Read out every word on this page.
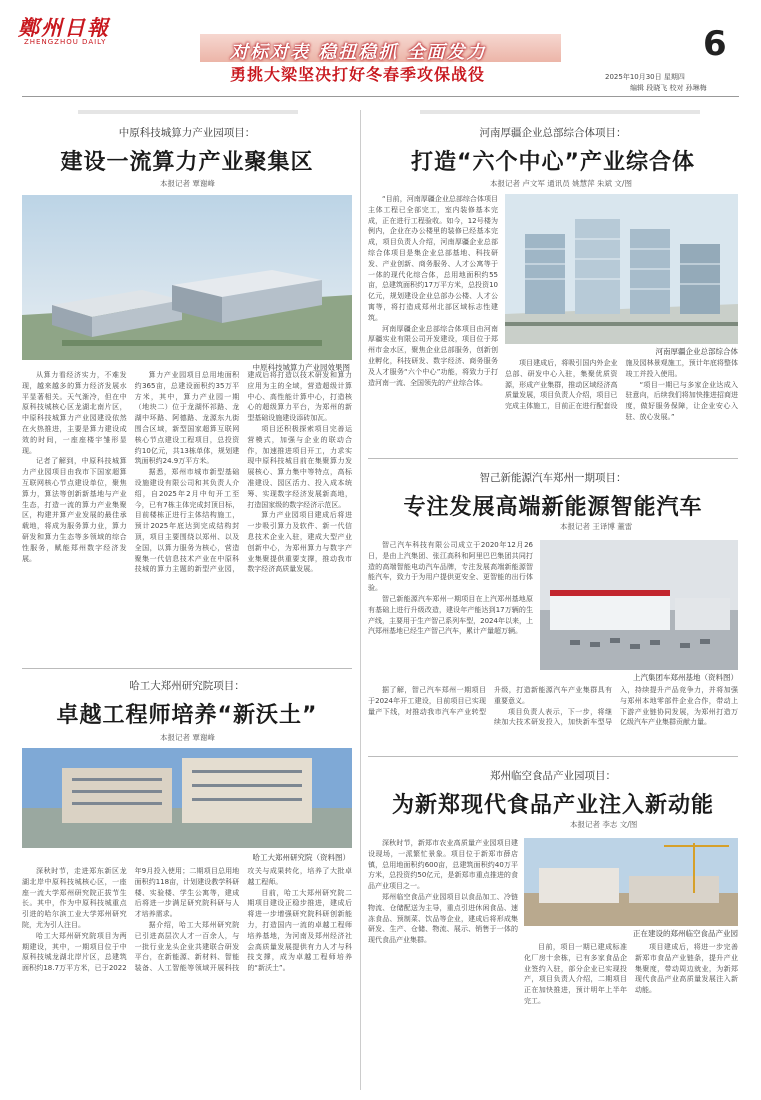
鄭州日報
ZHENGZHOU DAILY	对标对表 稳扭稳抓 全面发力
勇挑大梁坚决打好冬春季攻保战役
6
2025年10月30日 星期四
编辑 段晓飞 校对 孙琳梅
中原科技城算力产业园项目：
建设一流算力产业聚集区
本报记者 覃谢峰
中原科技城算力产业园效果图

从算力看经济实力，不难发现，越来越多的算力经济发展水平显著相关。天气渐冷，但在中原科技城核心区龙湖北南片区，中原科技城算力产业园建设依然在火热推进，主要是算力建设成效的时间，一座座楼宇雏形显现。

记者了解到，中原科技城算力产业园项目由我市下国家超算互联网核心节点建设单位，聚焦算力，算法等创新新基地与产业生态，打造一流的算力产业集聚区，构建并算产业发展的最佳承载地，将成为服务算力业，算力研发和算力生态等多领域的综合性服务，赋能郑州数字经济发展。

算力产业园项目总用地面积约365亩，总建设面积约35万平方米，其中，算力产业园一期（地块二）位于龙湖怀祁路、龙湖中环路、阿德路、龙源东九街围合区域，新型国家超算互联网核心节点建设工程项目，总投资约10亿元，共13栋单体，规划建筑面积约24.9万平方米。

据悉，郑州市城市新型基础设施建设有限公司和其负责人介绍，自2025年2月中旬开工至今，已有7栋主体完成封顶目标，目前楼栋正进行主体结构施工，预计2025年底达到完成结构封顶，项目主要围绕以郑州、以及全国，以算力服务为核心，营造聚集一代信息技术产业在中原科技城的算力主题的新型产业园，建成后将打造以技术研发和算力应用为主的全域，营造超级计算中心、高性能计算中心，打造核心的超级算力平台，为郑州的新型基础设施建设添砖加瓦。

项目还积极探索项目完善运营模式，加强与企业的联动合作，加速推进项目开工，力求实现中原科技城目前在集聚算力发展核心、算力集中等特点，高标准建设、园区活力、投入成本统筹、实现数字经济发展新高地，打造国家级的数字经济示范区。

算力产业园项目建成后将进一步吸引算力及软件、新一代信息技术企业入驻，建成大型产业创新中心，为郑州算力与数字产业集聚提供重要支撑，推动我市数字经济高质量发展。

河南厚疆企业总部综合体项目：
打造“六个中心”产业综合体
本报记者 卢文军 通讯员 姚慧萍 朱斌 文/图

“目前，河南厚疆企业总部综合体项目主体工程已全部完工，室内装修基本完成，正在进行工程验收。如今，12号楼为例内，企业在办公楼里的装修已经基本完成，项目负责人介绍，河南厚疆企业总部综合体项目是集企业总部基地、科技研发、产业创新、商务服务、人才公寓等于一体的现代化综合体，总用地面积约55亩，总建筑面积约17万平方米，总投资10亿元，规划建设企业总部办公楼、人才公寓等，将打造成郑州北部区域标志性建筑。

河南厚疆企业总部综合体项目由河南厚疆实业有限公司开发建设，项目位于郑州市金水区，聚焦企业总部服务，创新创业孵化，科技研发、数字经济、商务服务及人才服务“六个中心”功能，将致力于打造河南一流、全国领先的产业综合体。

河南厚疆企业总部综合体

项目建成后，将吸引国内外企业总部、研发中心入驻，集聚优质资源，形成产业集群，推动区域经济高质量发展，项目负责人介绍，项目已完成主体施工，目前正在进行配套设施及园林景观施工，预计年底将整体竣工并投入使用。

“项目一期已与多家企业达成入驻意向，后续我们将加快推进招商进度，做好服务保障，让企业安心入驻、放心发展。”

智己新能源汽车郑州一期项目：
专注发展高端新能源智能汽车
本报记者 王译博 董雷

智己汽车科技有限公司成立于2020年12月26日，是由上汽集团、张江高科和阿里巴巴集团共同打造的高端智能电动汽车品牌，专注发展高端新能源智能汽车，致力于为用户提供更安全、更智能的出行体验。

智己新能源汽车郑州一期项目在上汽郑州基地原有基础上进行升级改造，建设年产能达到17万辆的生产线，主要用于生产智己系列车型，2024年以来，上汽郑州基地已经生产智己汽车，累计产量超万辆。

上汽集团车郑州基地（资料图）

据了解，智己汽车郑州一期项目于2024年开工建设，目前项目已实现量产下线，对推动我市汽车产业转型升级，打造新能源汽车产业集群具有重要意义。

项目负责人表示，下一步，将继续加大技术研发投入，加快新车型导入，持续提升产品竞争力，并将加强与郑州本地零部件企业合作，带动上下游产业链协同发展，为郑州打造万亿级汽车产业集群贡献力量。

哈工大郑州研究院项目：
卓越工程师培养“新沃土”
本报记者 覃谢峰
哈工大郑州研究院（资料图）

深秋时节，走进郑东新区龙湖北岸中原科技城核心区，一座座一流大学郑州研究院正拔节生长。其中，作为中原科技城重点引进的哈尔滨工业大学郑州研究院，尤为引人注目。

哈工大郑州研究院项目为两期建设，其中，一期项目位于中原科技城龙湖北岸片区，总建筑面积约18.7万平方米，已于2022年9月投入使用；二期项目总用地面积约118亩，计划建设教学科研楼、实验楼、学生公寓等，建成后将进一步满足研究院科研与人才培养需求。

据介绍，哈工大郑州研究院已引进高层次人才一百余人，与一批行业龙头企业共建联合研发平台，在新能源、新材料、智能装备、人工智能等领域开展科技攻关与成果转化，培养了大批卓越工程师。

目前，哈工大郑州研究院二期项目建设正稳步推进，建成后将进一步增强研究院科研创新能力，打造国内一流的卓越工程师培养基地，为河南及郑州经济社会高质量发展提供有力人才与科技支撑，成为卓越工程师培养的“新沃土”。

郑州临空食品产业园项目：
为新郑现代食品产业注入新动能
本报记者 李志 文/图

深秋时节，新郑市农业高质量产业园项目建设现场，一派繁忙景象。项目位于新郑市薛店镇，总用地面积约600亩，总建筑面积约40万平方米，总投资约50亿元，是新郑市重点推进的食品产业项目之一。

郑州临空食品产业园项目以食品加工、冷链物流、仓储配送为主导，重点引进休闲食品、速冻食品、预制菜、饮品等企业，建成后将形成集研发、生产、仓储、物流、展示、销售于一体的现代食品产业集群。

正在建设的郑州临空食品产业园

目前，项目一期已建成标准化厂房十余栋，已有多家食品企业签约入驻，部分企业已实现投产，项目负责人介绍，二期项目正在加快推进，预计明年上半年完工。

项目建成后，将进一步完善新郑市食品产业链条，提升产业集聚度，带动周边就业，为新郑现代食品产业高质量发展注入新动能。
